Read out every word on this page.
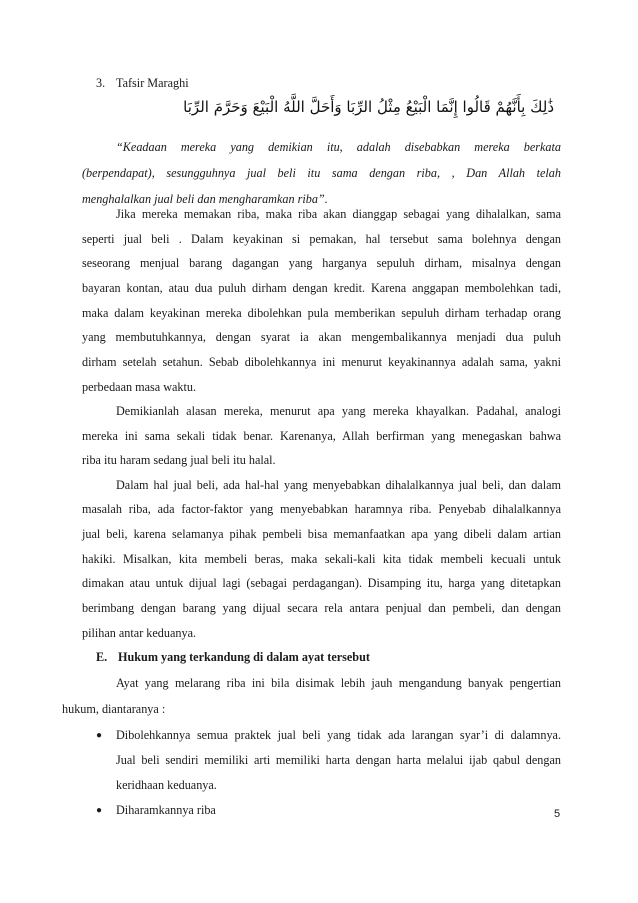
3. Tafsir Maraghi
ذَٰلِكَ بِأَنَّهُمْ قَالُوا إِنَّمَا الْبَيْعُ مِثْلُ الرِّبَا وَأَحَلَّ اللَّهُ الْبَيْعَ وَحَرَّمَ الرِّبَا
“Keadaan mereka yang demikian itu, adalah disebabkan mereka berkata
(berpendapat), sesungguhnya jual beli itu sama dengan riba, , Dan Allah telah
menghalalkan jual beli dan mengharamkan riba”.
Jika mereka memakan riba, maka riba akan dianggap sebagai yang dihalalkan, sama
seperti jual beli . Dalam keyakinan si pemakan, hal tersebut sama bolehnya dengan
seseorang menjual barang dagangan yang harganya sepuluh dirham, misalnya dengan
bayaran kontan, atau dua puluh dirham dengan kredit. Karena anggapan membolehkan tadi,
maka dalam keyakinan mereka dibolehkan pula memberikan sepuluh dirham terhadap orang
yang membutuhkannya, dengan syarat ia akan mengembalikannya menjadi dua puluh
dirham setelah setahun. Sebab dibolehkannya ini menurut keyakinannya adalah sama, yakni
perbedaan masa waktu.
Demikianlah alasan mereka, menurut apa yang mereka khayalkan. Padahal, analogi
mereka ini sama sekali tidak benar. Karenanya, Allah berfirman yang menegaskan bahwa
riba itu haram sedang jual beli itu halal.
Dalam hal jual beli, ada hal-hal yang menyebabkan dihalalkannya jual beli, dan dalam
masalah riba, ada factor-faktor yang menyebabkan haramnya riba. Penyebab dihalalkannya
jual beli, karena selamanya pihak pembeli bisa memanfaatkan apa yang dibeli dalam artian
hakiki. Misalkan, kita membeli beras, maka sekali-kali kita tidak membeli kecuali untuk
dimakan atau untuk dijual lagi (sebagai perdagangan). Disamping itu, harga yang ditetapkan
berimbang dengan barang yang dijual secara rela antara penjual dan pembeli, dan dengan
pilihan antar keduanya.
E. Hukum yang terkandung di dalam ayat tersebut
Ayat yang melarang riba ini bila disimak lebih jauh mengandung banyak pengertian
hukum, diantaranya :
● Dibolehkannya semua praktek jual beli yang tidak ada larangan syar’i di dalamnya.
Jual beli sendiri memiliki arti memiliki harta dengan harta melalui ijab qabul dengan
keridhaan keduanya.
● Diharamkannya riba	5
